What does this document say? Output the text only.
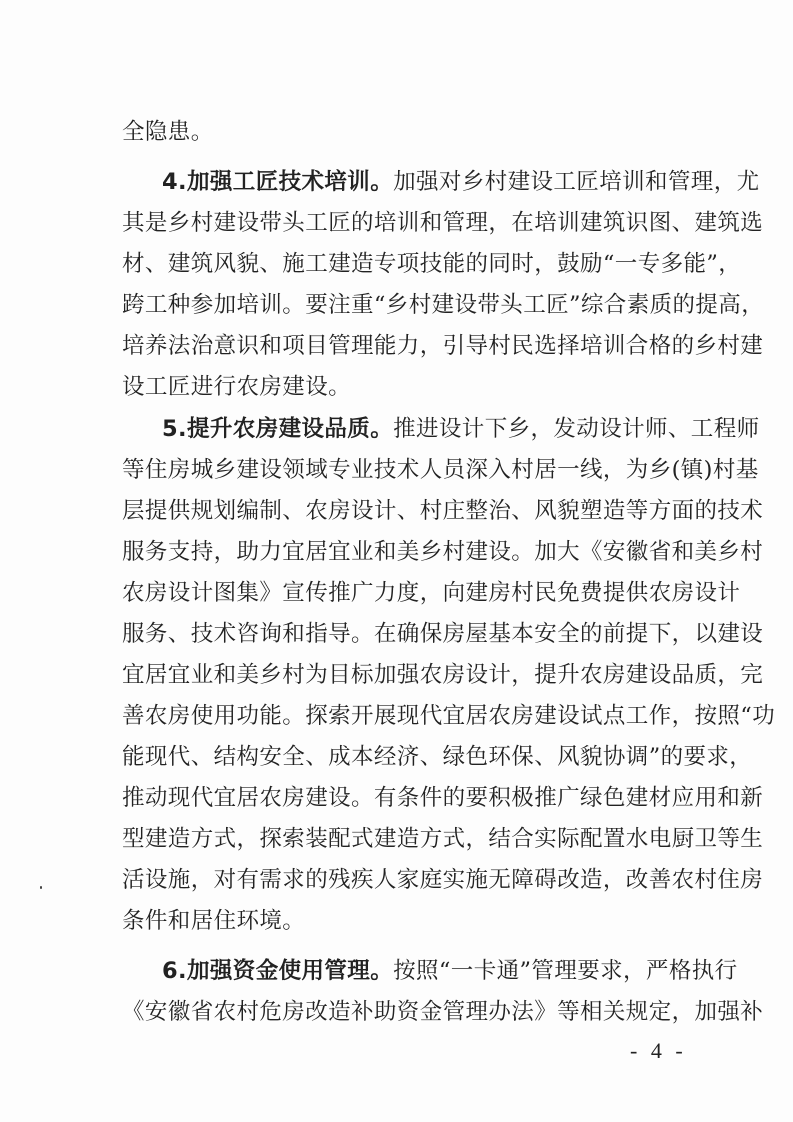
全隐患。
4.加强工匠技术培训。加强对乡村建设工匠培训和管理，尤
其是乡村建设带头工匠的培训和管理，在培训建筑识图、建筑选
材、建筑风貌、施工建造专项技能的同时，鼓励“一专多能”，
跨工种参加培训。要注重“乡村建设带头工匠”综合素质的提高，
培养法治意识和项目管理能力，引导村民选择培训合格的乡村建
设工匠进行农房建设。
5.提升农房建设品质。推进设计下乡，发动设计师、工程师
等住房城乡建设领域专业技术人员深入村居一线，为乡(镇)村基
层提供规划编制、农房设计、村庄整治、风貌塑造等方面的技术
服务支持，助力宜居宜业和美乡村建设。加大《安徽省和美乡村
农房设计图集》宣传推广力度，向建房村民免费提供农房设计
服务、技术咨询和指导。在确保房屋基本安全的前提下，以建设
宜居宜业和美乡村为目标加强农房设计，提升农房建设品质，完
善农房使用功能。探索开展现代宜居农房建设试点工作，按照“功
能现代、结构安全、成本经济、绿色环保、风貌协调”的要求，
推动现代宜居农房建设。有条件的要积极推广绿色建材应用和新
型建造方式，探索装配式建造方式，结合实际配置水电厨卫等生
活设施，对有需求的残疾人家庭实施无障碍改造，改善农村住房
条件和居住环境。
6.加强资金使用管理。按照“一卡通”管理要求，严格执行
《安徽省农村危房改造补助资金管理办法》等相关规定，加强补
- 4 -
